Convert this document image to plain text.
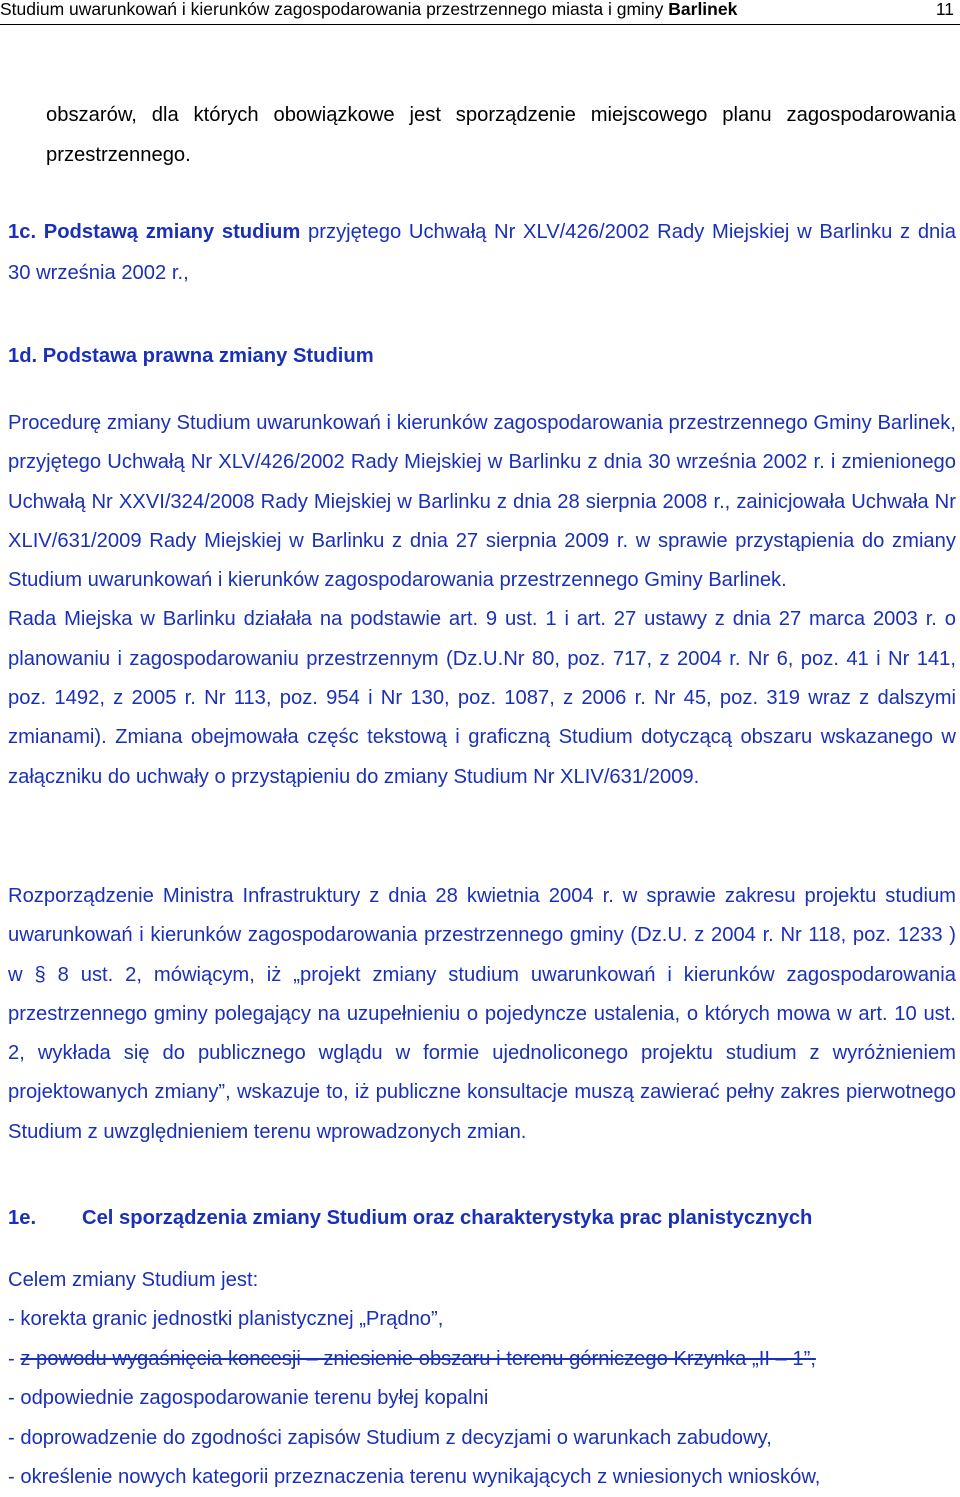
Studium uwarunkowań i kierunków zagospodarowania przestrzennego miasta i gminy Barlinek	11

obszarów, dla których obowiązkowe jest sporządzenie miejscowego planu zagospodarowania przestrzennego.

1c. Podstawą zmiany studium przyjętego Uchwałą Nr XLV/426/2002 Rady Miejskiej w Barlinku z dnia 30 września 2002 r.,

1d. Podstawa prawna zmiany Studium

Procedurę zmiany Studium uwarunkowań i kierunków zagospodarowania przestrzennego Gminy Barlinek, przyjętego Uchwałą Nr XLV/426/2002 Rady Miejskiej w Barlinku z dnia 30 września 2002 r. i zmienionego Uchwałą Nr XXVI/324/2008 Rady Miejskiej w Barlinku z dnia 28 sierpnia 2008 r., zainicjowała Uchwała Nr XLIV/631/2009 Rady Miejskiej w Barlinku z dnia 27 sierpnia 2009 r. w sprawie przystąpienia do zmiany Studium uwarunkowań i kierunków zagospodarowania przestrzennego Gminy Barlinek.
Rada Miejska w Barlinku działała na podstawie art. 9 ust. 1 i art. 27 ustawy z dnia 27 marca 2003 r. o planowaniu i zagospodarowaniu przestrzennym (Dz.U.Nr 80, poz. 717, z 2004 r. Nr 6, poz. 41 i Nr 141, poz. 1492, z 2005 r. Nr 113, poz. 954 i Nr 130, poz. 1087, z 2006 r. Nr 45, poz. 319 wraz z dalszymi zmianami). Zmiana obejmowała częśc tekstową i graficzną Studium dotyczącą obszaru wskazanego w załączniku do uchwały o przystąpieniu do zmiany Studium Nr XLIV/631/2009.

Rozporządzenie Ministra Infrastruktury z dnia 28 kwietnia 2004 r. w sprawie zakresu projektu studium uwarunkowań i kierunków zagospodarowania przestrzennego gminy (Dz.U. z 2004 r. Nr 118, poz. 1233 ) w § 8 ust. 2, mówiącym, iż „projekt zmiany studium uwarunkowań i kierunków zagospodarowania przestrzennego gminy polegający na uzupełnieniu o pojedyncze ustalenia, o których mowa w art. 10 ust. 2, wykłada się do publicznego wglądu w formie ujednoliconego projektu studium z wyróżnieniem projektowanych zmiany”, wskazuje to, iż publiczne konsultacje muszą zawierać pełny zakres pierwotnego Studium z uwzględnieniem terenu wprowadzonych zmian.

1e. Cel sporządzenia zmiany Studium oraz charakterystyka prac planistycznych

Celem zmiany Studium jest:

- korekta granic jednostki planistycznej „Prądno”,
- z powodu wygaśnięcia koncesji – zniesienie obszaru i terenu górniczego Krzynka „II – 1”,
- odpowiednie zagospodarowanie terenu byłej kopalni
- doprowadzenie do zgodności zapisów Studium z decyzjami o warunkach zabudowy,
- określenie nowych kategorii przeznaczenia terenu wynikających z wniesionych wniosków,
